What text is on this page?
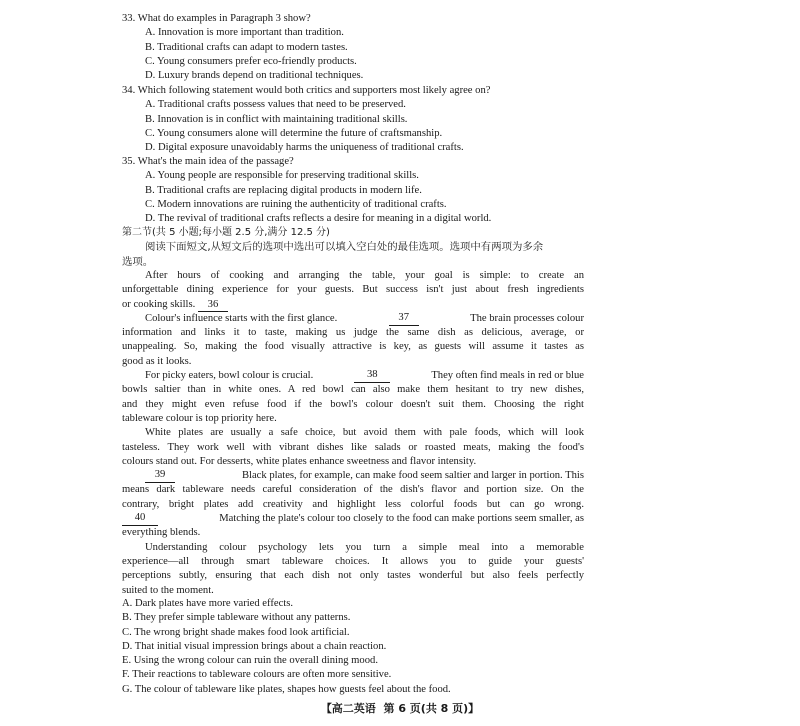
33. What do examples in Paragraph 3 show?
A. Innovation is more important than tradition.
B. Traditional crafts can adapt to modern tastes.
C. Young consumers prefer eco-friendly products.
D. Luxury brands depend on traditional techniques.
34. Which following statement would both critics and supporters most likely agree on?
A. Traditional crafts possess values that need to be preserved.
B. Innovation is in conflict with maintaining traditional skills.
C. Young consumers alone will determine the future of craftsmanship.
D. Digital exposure unavoidably harms the uniqueness of traditional crafts.
35. What's the main idea of the passage?
A. Young people are responsible for preserving traditional skills.
B. Traditional crafts are replacing digital products in modern life.
C. Modern innovations are ruining the authenticity of traditional crafts.
D. The revival of traditional crafts reflects a desire for meaning in a digital world.
第二节(共 5 小题;每小题 2.5 分,满分 12.5 分)
阅读下面短文,从短文后的选项中选出可以填入空白处的最佳选项。选项中有两项为多余
选项。
After hours of cooking and arranging the table, your goal is simple: to create an
unforgettable dining experience for your guests. But success isn't just about fresh ingredients
or cooking skills. 36
Colour's influence starts with the first glance.	37	The brain processes colour
information and links it to taste, making us judge the same dish as delicious, average, or
unappealing. So, making the food visually attractive is key, as guests will assume it tastes as
good as it looks.
For picky eaters, bowl colour is crucial.	38	They often find meals in red or blue
bowls saltier than in white ones. A red bowl can also make them hesitant to try new dishes,
and they might even refuse food if the bowl's colour doesn't suit them. Choosing the right
tableware colour is top priority here.
White plates are usually a safe choice, but avoid them with pale foods, which will look
tasteless. They work well with vibrant dishes like salads or roasted meats, making the food's
colours stand out. For desserts, white plates enhance sweetness and flavor intensity.
39	Black plates, for example, can make food seem saltier and larger in portion. This
means dark tableware needs careful consideration of the dish's flavor and portion size. On the
contrary, bright plates add creativity and highlight less colorful foods but can go wrong.
40	Matching the plate's colour too closely to the food can make portions seem smaller, as
everything blends.
Understanding colour psychology lets you turn a simple meal into a memorable
experience—all through smart tableware choices. It allows you to guide your guests'
perceptions subtly, ensuring that each dish not only tastes wonderful but also feels perfectly
suited to the moment.
A. Dark plates have more varied effects.
B. They prefer simple tableware without any patterns.
C. The wrong bright shade makes food look artificial.
D. That initial visual impression brings about a chain reaction.
E. Using the wrong colour can ruin the overall dining mood.
F. Their reactions to tableware colours are often more sensitive.
G. The colour of tableware like plates, shapes how guests feel about the food.
【高二英语 第 6 页(共 8 页)】
